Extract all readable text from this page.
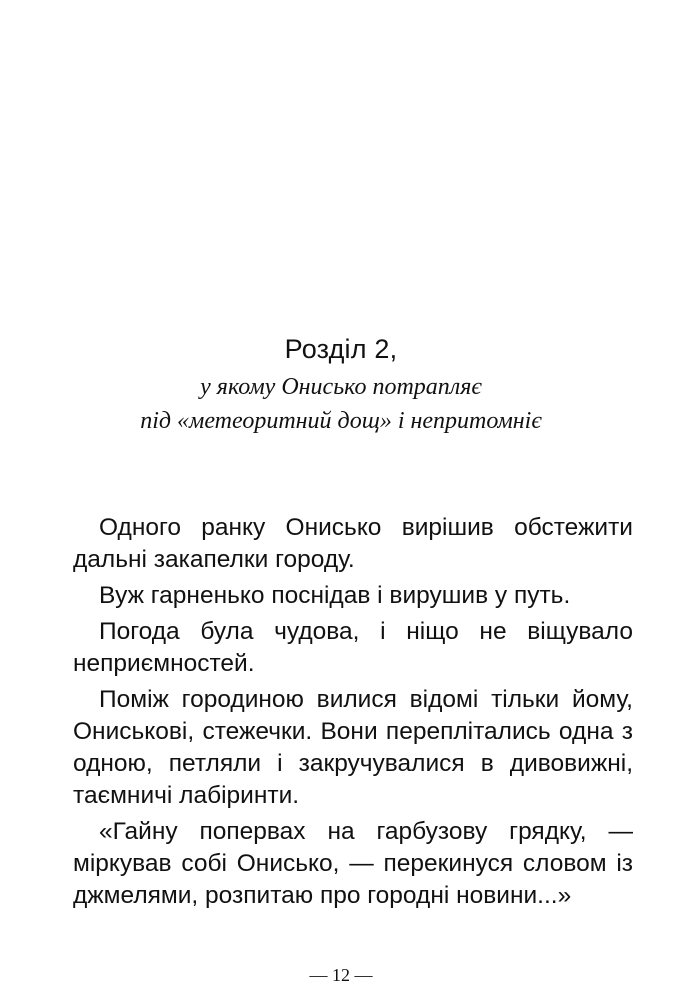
Розділ 2,

у якому Онисько потрапляє
під «метеоритний дощ» і непритомніє

Одного ранку Онисько вирішив обстежити дальні закапелки городу.

Вуж гарненько поснідав і вирушив у путь.

Погода була чудова, і ніщо не віщувало неприємностей.

Поміж городиною вилися відомі тільки йому, Ониськові, стежечки. Вони переплітались одна з одною, петляли і закручувалися в дивовижні, таємничі лабіринти.

«Гайну попервах на гарбузову грядку, — міркував собі Онисько, — перекинуся словом із джмелями, розпитаю про городні новини...»

— 12 —
